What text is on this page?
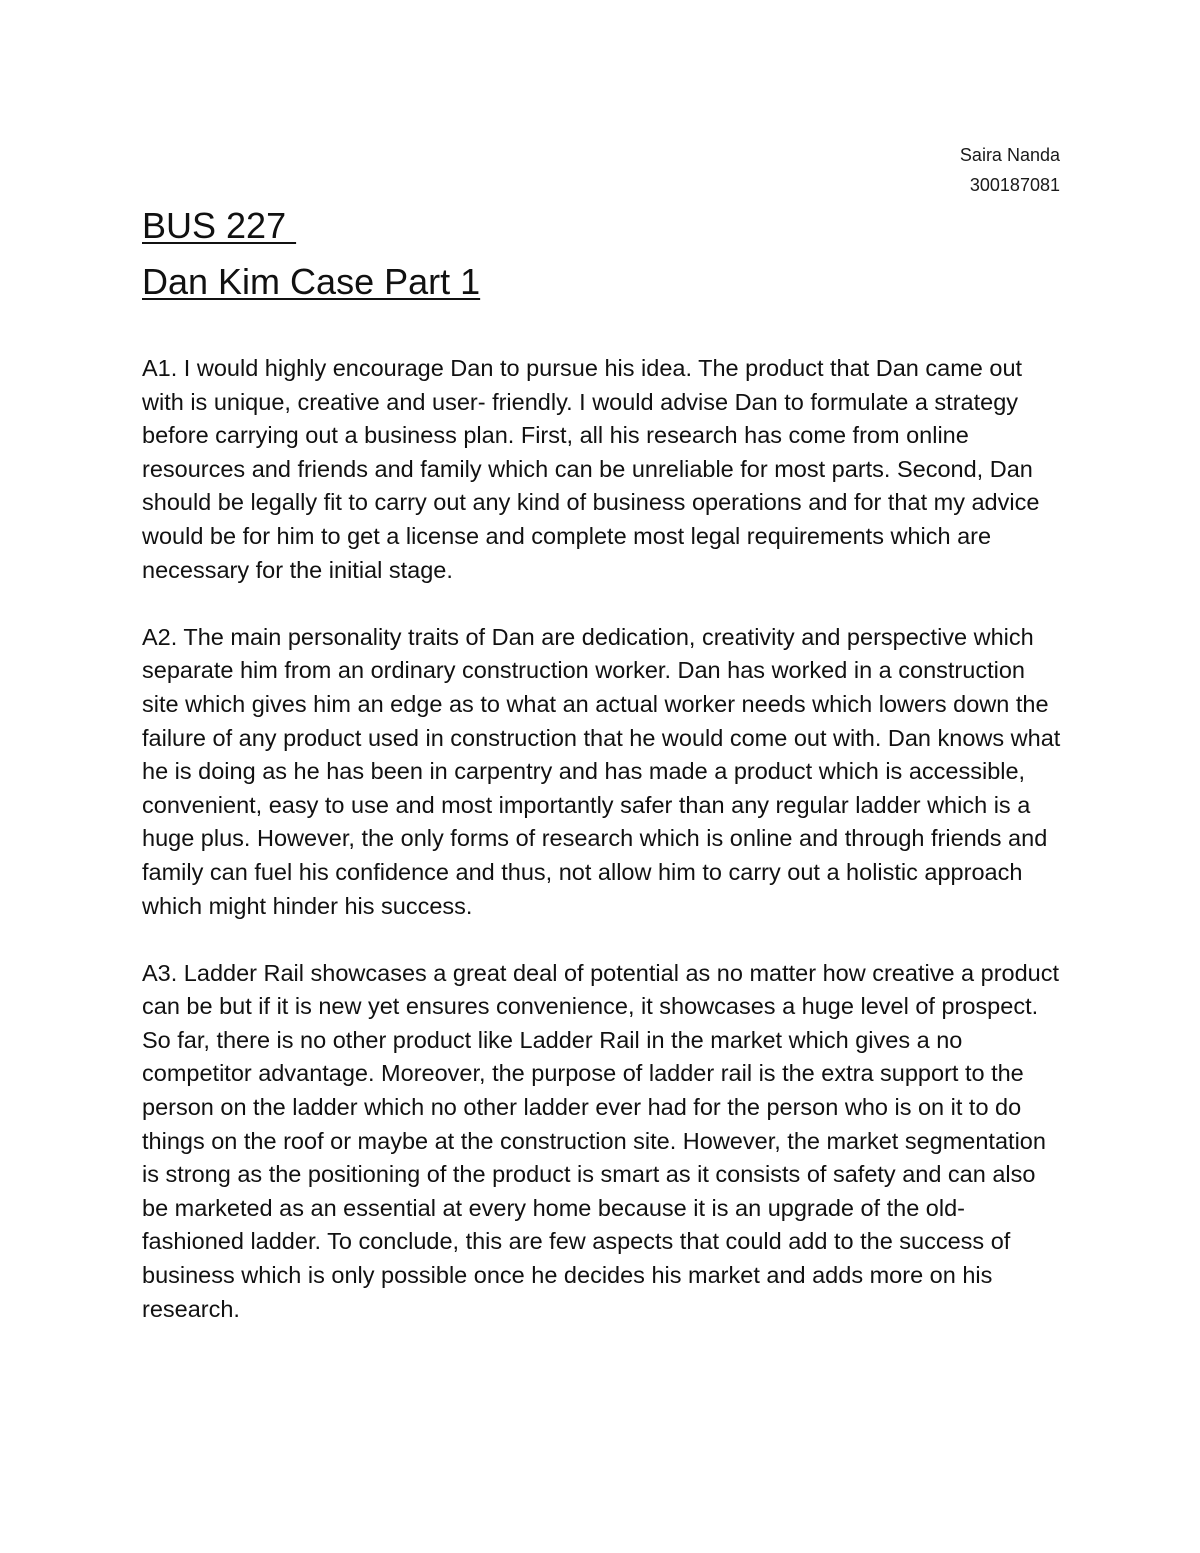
Saira Nanda
300187081
BUS 227
Dan Kim Case Part 1

A1. I would highly encourage Dan to pursue his idea. The product that Dan came out with is unique, creative and user- friendly. I would advise Dan to formulate a strategy before carrying out a business plan. First, all his research has come from online resources and friends and family which can be unreliable for most parts. Second, Dan should be legally fit to carry out any kind of business operations and for that my advice would be for him to get a license and complete most legal requirements which are necessary for the initial stage.

A2. The main personality traits of Dan are dedication, creativity and perspective which separate him from an ordinary construction worker. Dan has worked in a construction site which gives him an edge as to what an actual worker needs which lowers down the failure of any product used in construction that he would come out with. Dan knows what he is doing as he has been in carpentry and has made a product which is accessible, convenient, easy to use and most importantly safer than any regular ladder which is a huge plus. However, the only forms of research which is online and through friends and family can fuel his confidence and thus, not allow him to carry out a holistic approach which might hinder his success.

A3. Ladder Rail showcases a great deal of potential as no matter how creative a product can be but if it is new yet ensures convenience, it showcases a huge level of prospect. So far, there is no other product like Ladder Rail in the market which gives a no competitor advantage. Moreover, the purpose of ladder rail is the extra support to the person on the ladder which no other ladder ever had for the person who is on it to do things on the roof or maybe at the construction site. However, the market segmentation is strong as the positioning of the product is smart as it consists of safety and can also be marketed as an essential at every home because it is an upgrade of the old-fashioned ladder. To conclude, this are few aspects that could add to the success of business which is only possible once he decides his market and adds more on his research.
